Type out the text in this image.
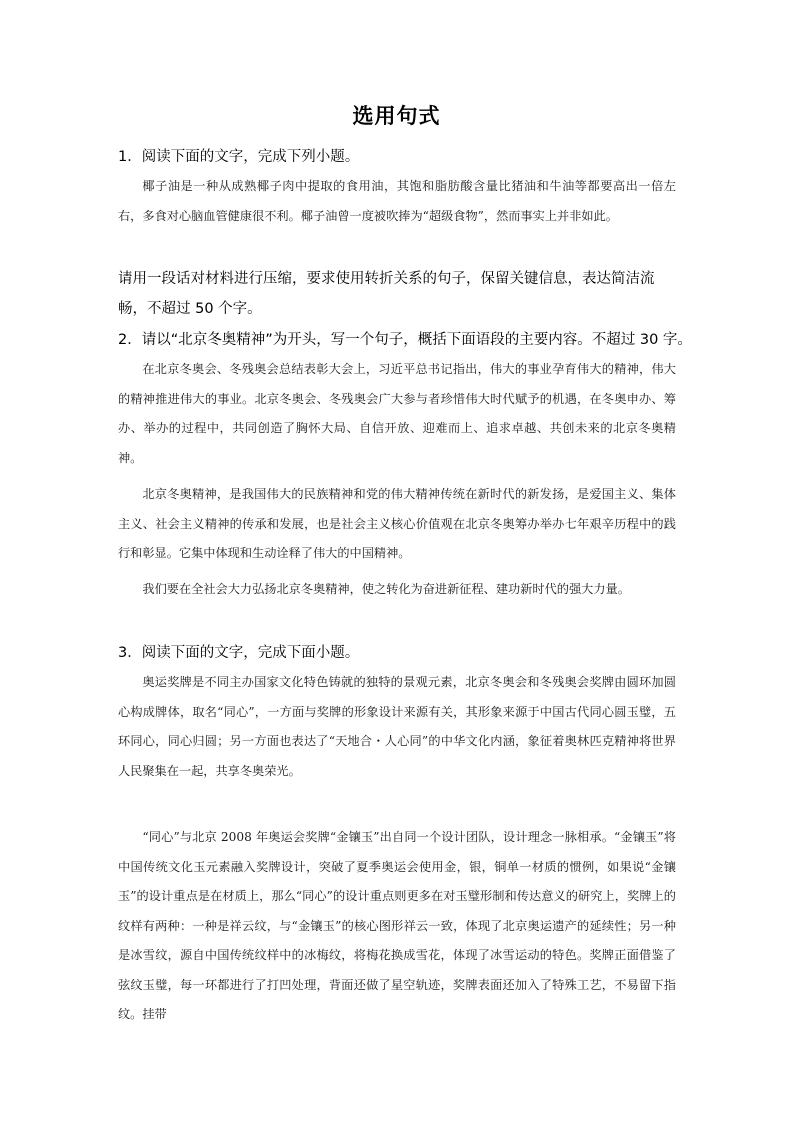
选用句式
1．阅读下面的文字，完成下列小题。
椰子油是一种从成熟椰子肉中提取的食用油，其饱和脂肪酸含量比猪油和牛油等都要高出一倍左右，多食对心脑血管健康很不利。椰子油曾一度被吹捧为“超级食物”，然而事实上并非如此。
请用一段话对材料进行压缩，要求使用转折关系的句子，保留关键信息，表达简洁流畅，不超过 50 个字。
2．请以“北京冬奥精神”为开头，写一个句子，概括下面语段的主要内容。不超过 30 字。
在北京冬奥会、冬残奥会总结表彰大会上，习近平总书记指出，伟大的事业孕育伟大的精神，伟大的精神推进伟大的事业。北京冬奥会、冬残奥会广大参与者珍惜伟大时代赋予的机遇，在冬奥申办、筹办、举办的过程中，共同创造了胸怀大局、自信开放、迎难而上、追求卓越、共创未来的北京冬奥精神。
北京冬奥精神，是我国伟大的民族精神和党的伟大精神传统在新时代的新发扬，是爱国主义、集体主义、社会主义精神的传承和发展，也是社会主义核心价值观在北京冬奥筹办举办七年艰辛历程中的践行和彰显。它集中体现和生动诠释了伟大的中国精神。
我们要在全社会大力弘扬北京冬奥精神，使之转化为奋进新征程、建功新时代的强大力量。
3．阅读下面的文字，完成下面小题。
奥运奖牌是不同主办国家文化特色铸就的独特的景观元素，北京冬奥会和冬残奥会奖牌由圆环加圆心构成牌体，取名“同心”，一方面与奖牌的形象设计来源有关，其形象来源于中国古代同心圆玉璧，五环同心，同心归圆；另一方面也表达了“天地合・人心同”的中华文化内涵，象征着奥林匹克精神将世界人民聚集在一起，共享冬奥荣光。
“同心”与北京 2008 年奥运会奖牌“金镶玉”出自同一个设计团队，设计理念一脉相承。“金镶玉”将中国传统文化玉元素融入奖牌设计，突破了夏季奥运会使用金，银，铜单一材质的惯例，如果说“金镶玉”的设计重点是在材质上，那么“同心”的设计重点则更多在对玉璧形制和传达意义的研究上，奖牌上的纹样有两种：一种是祥云纹，与“金镶玉”的核心图形祥云一致，体现了北京奥运遗产的延续性；另一种是冰雪纹，源自中国传统纹样中的冰梅纹，将梅花换成雪花，体现了冰雪运动的特色。奖牌正面借鉴了弦纹玉璧，每一环都进行了打凹处理，背面还做了星空轨迹，奖牌表面还加入了特殊工艺，不易留下指纹。挂带
